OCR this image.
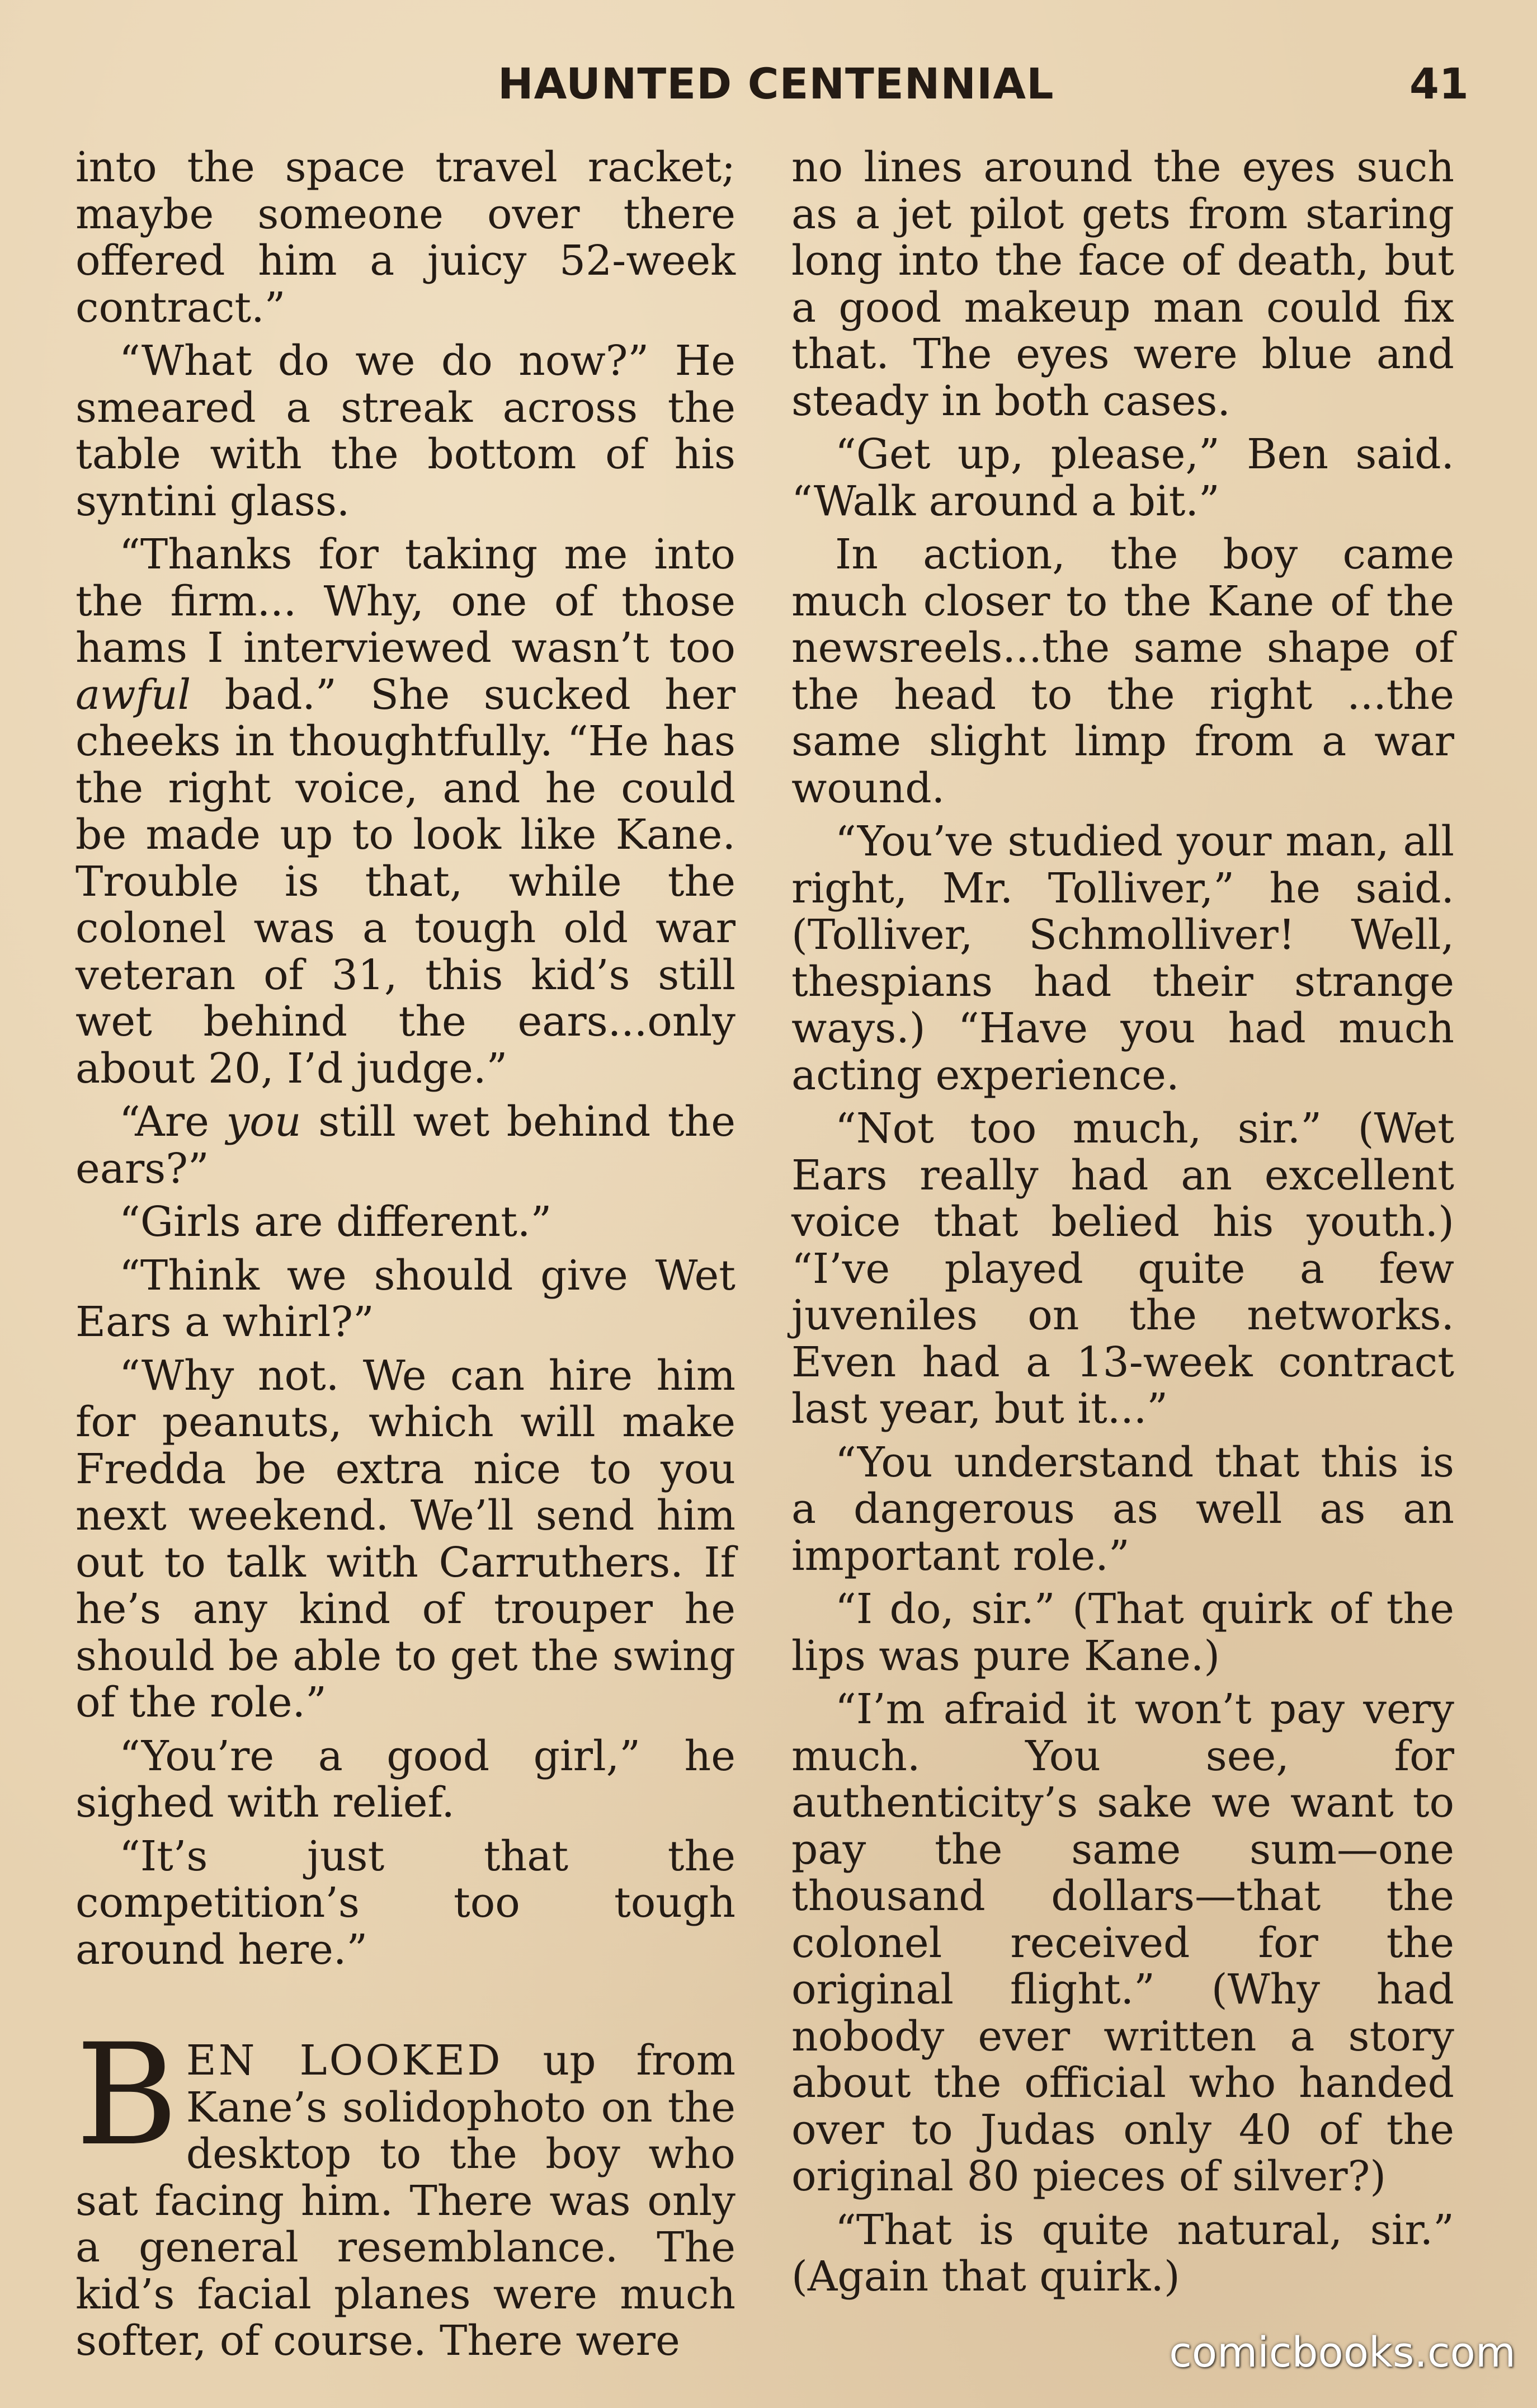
HAUNTED CENTENNIAL	41

into the space travel racket; maybe someone over there offered him a juicy 52-week contract.”

“What do we do now?” He smeared a streak across the table with the bottom of his syntini glass.

“Thanks for taking me into the firm... Why, one of those hams I interviewed wasn’t too awful bad.” She sucked her cheeks in thoughtfully. “He has the right voice, and he could be made up to look like Kane. Trouble is that, while the colonel was a tough old war veteran of 31, this kid’s still wet behind the ears...only about 20, I’d judge.”

“Are you still wet behind the ears?”

“Girls are different.”

“Think we should give Wet Ears a whirl?”

“Why not. We can hire him for peanuts, which will make Fredda be extra nice to you next weekend. We’ll send him out to talk with Carruthers. If he’s any kind of trouper he should be able to get the swing of the role.”

“You’re a good girl,” he sighed with relief.

“It’s just that the competition’s too tough around here.”

BEN LOOKED up from Kane’s solidophoto on the desktop to the boy who sat facing him. There was only a general resemblance. The kid’s facial planes were much softer, of course. There were

no lines around the eyes such as a jet pilot gets from staring long into the face of death, but a good makeup man could fix that. The eyes were blue and steady in both cases.

“Get up, please,” Ben said. “Walk around a bit.”

In action, the boy came much closer to the Kane of the newsreels...the same shape of the head to the right ...the same slight limp from a war wound.

“You’ve studied your man, all right, Mr. Tolliver,” he said. (Tolliver, Schmolliver! Well, thespians had their strange ways.) “Have you had much acting experience.

“Not too much, sir.” (Wet Ears really had an excellent voice that belied his youth.) “I’ve played quite a few juveniles on the networks. Even had a 13-week contract last year, but it...”

“You understand that this is a dangerous as well as an important role.”

“I do, sir.” (That quirk of the lips was pure Kane.)

“I’m afraid it won’t pay very much. You see, for authenticity’s sake we want to pay the same sum—one thousand dollars—that the colonel received for the original flight.” (Why had nobody ever written a story about the official who handed over to Judas only 40 of the original 80 pieces of silver?)

“That is quite natural, sir.” (Again that quirk.)

comicbooks.com
